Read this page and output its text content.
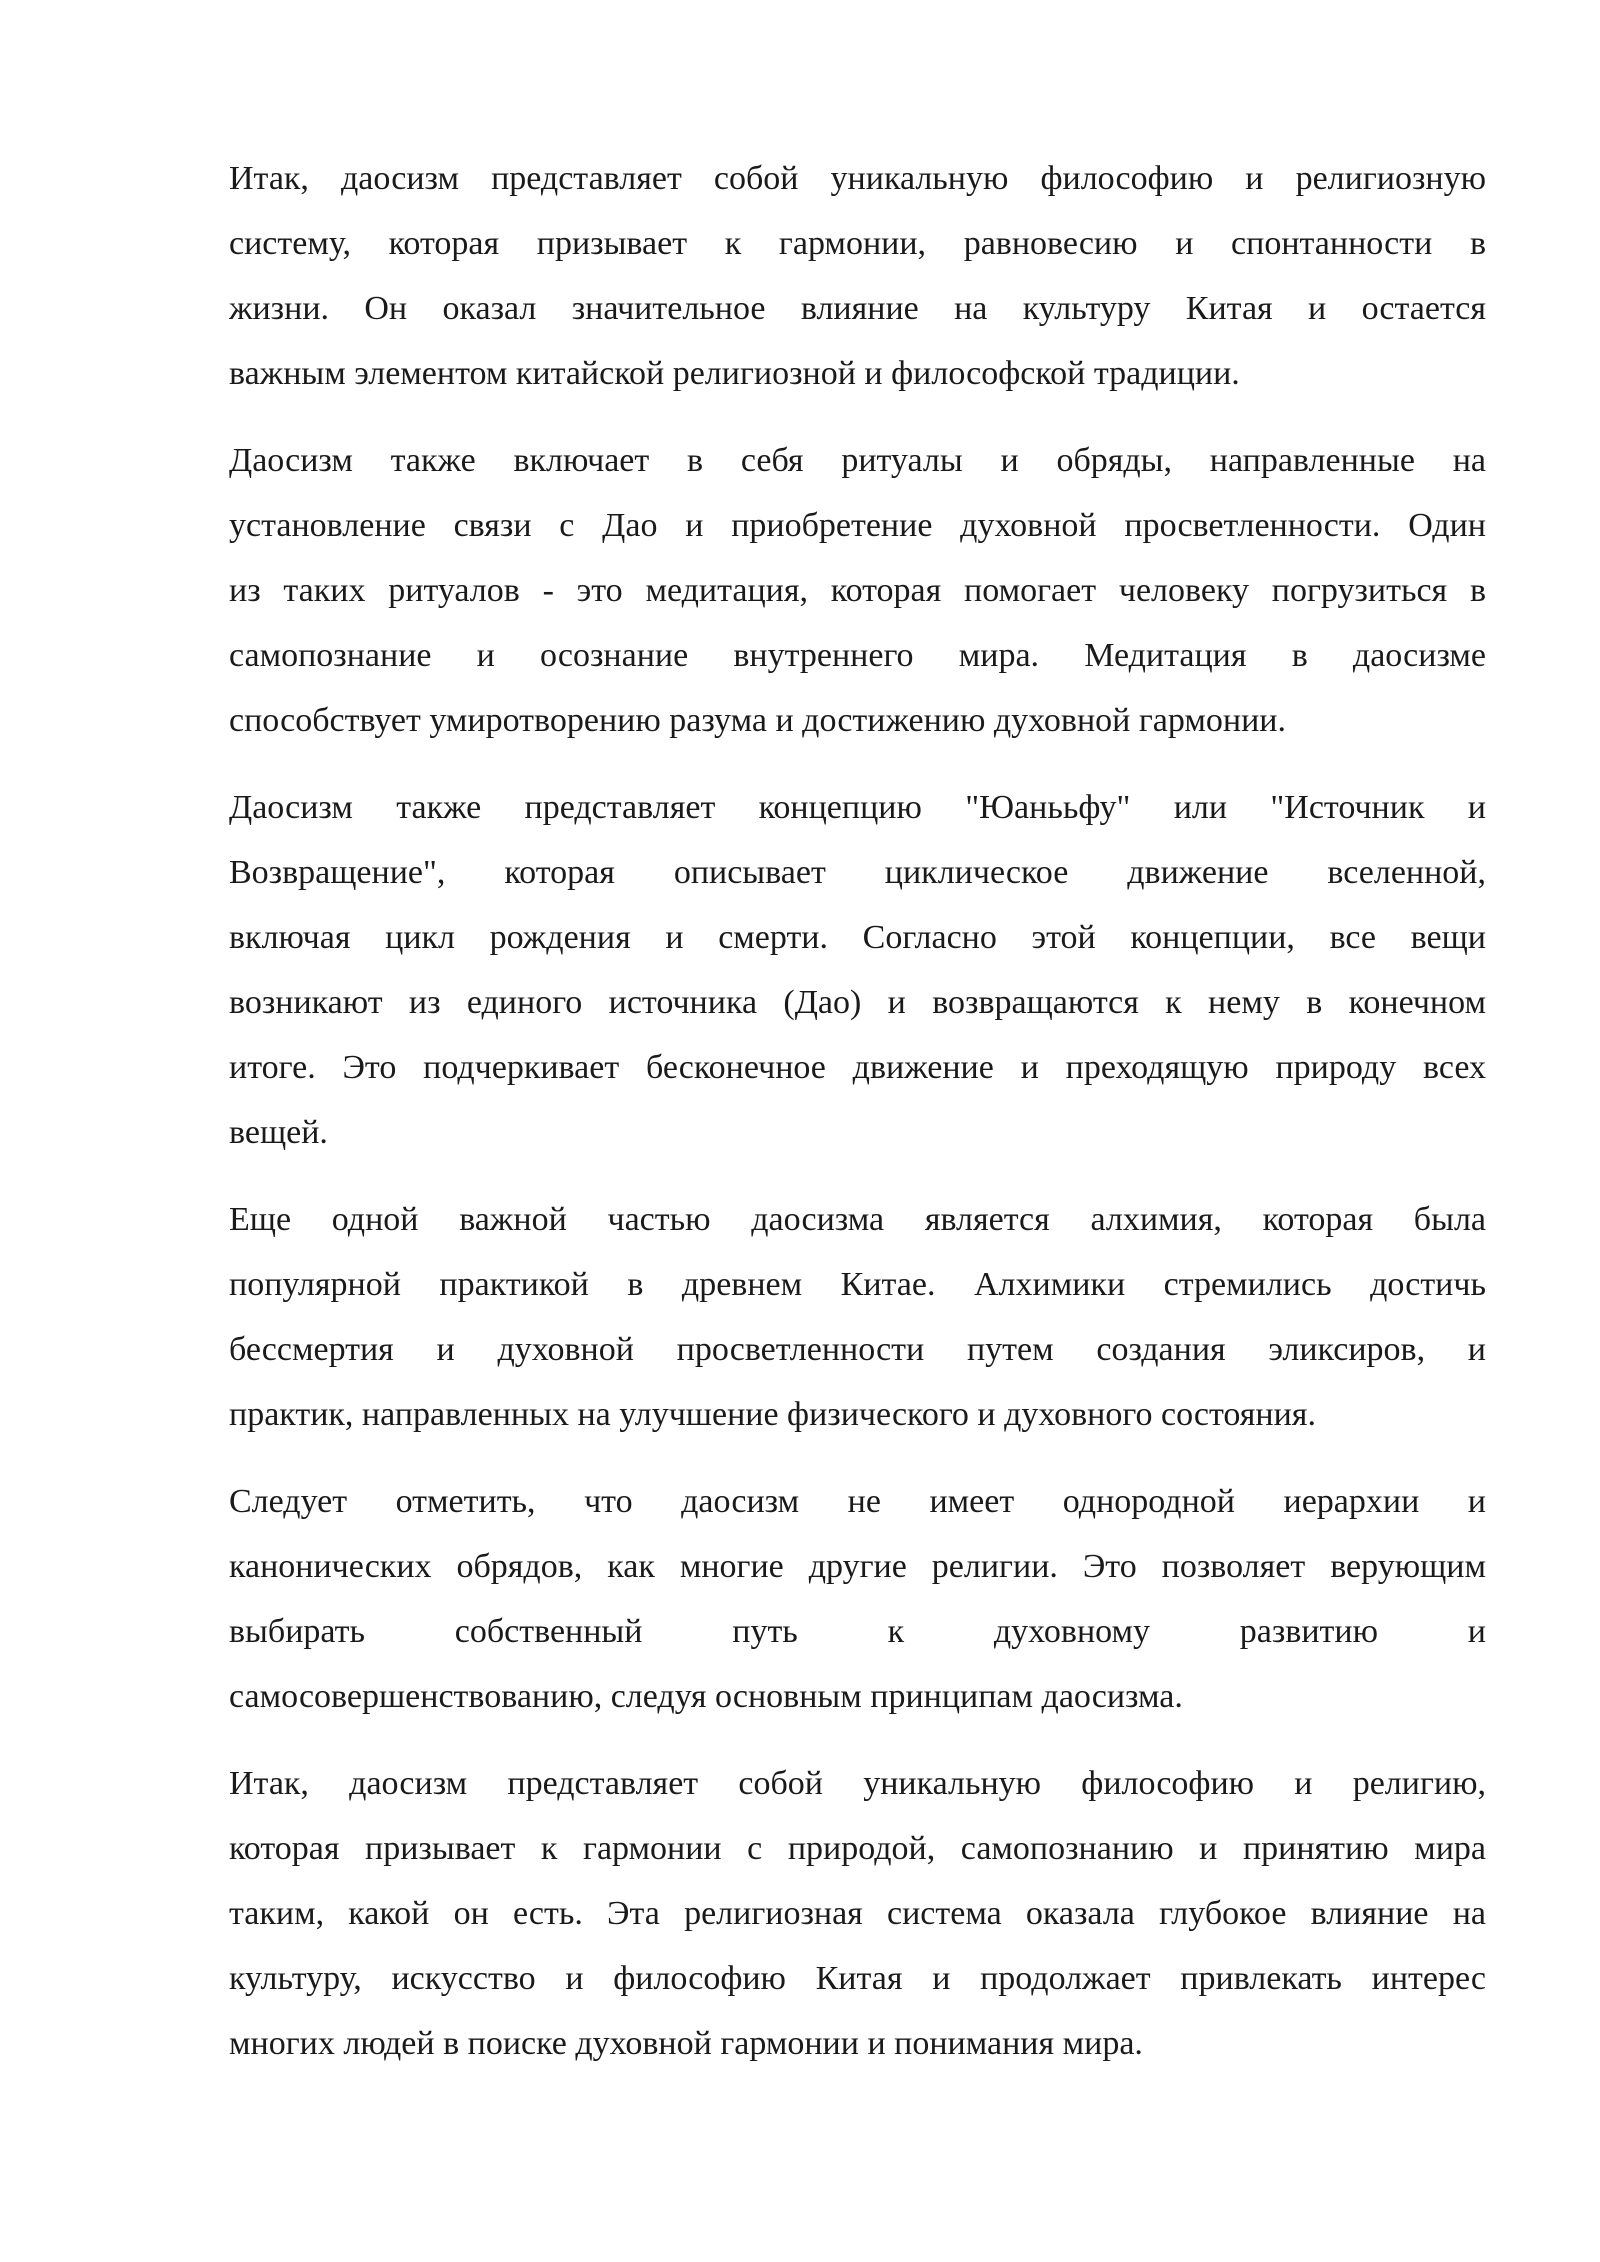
Итак, даосизм представляет собой уникальную философию и религиозную
систему, которая призывает к гармонии, равновесию и спонтанности в
жизни. Он оказал значительное влияние на культуру Китая и остается
важным элементом китайской религиозной и философской традиции.

Даосизм также включает в себя ритуалы и обряды, направленные на
установление связи с Дао и приобретение духовной просветленности. Один
из таких ритуалов - это медитация, которая помогает человеку погрузиться в
самопознание и осознание внутреннего мира. Медитация в даосизме
способствует умиротворению разума и достижению духовной гармонии.

Даосизм также представляет концепцию "Юанььфу" или "Источник и
Возвращение", которая описывает циклическое движение вселенной,
включая цикл рождения и смерти. Согласно этой концепции, все вещи
возникают из единого источника (Дао) и возвращаются к нему в конечном
итоге. Это подчеркивает бесконечное движение и преходящую природу всех
вещей.

Еще одной важной частью даосизма является алхимия, которая была
популярной практикой в древнем Китае. Алхимики стремились достичь
бессмертия и духовной просветленности путем создания эликсиров, и
практик, направленных на улучшение физического и духовного состояния.

Следует отметить, что даосизм не имеет однородной иерархии и
канонических обрядов, как многие другие религии. Это позволяет верующим
выбирать собственный путь к духовному развитию и
самосовершенствованию, следуя основным принципам даосизма.

Итак, даосизм представляет собой уникальную философию и религию,
которая призывает к гармонии с природой, самопознанию и принятию мира
таким, какой он есть. Эта религиозная система оказала глубокое влияние на
культуру, искусство и философию Китая и продолжает привлекать интерес
многих людей в поиске духовной гармонии и понимания мира.
